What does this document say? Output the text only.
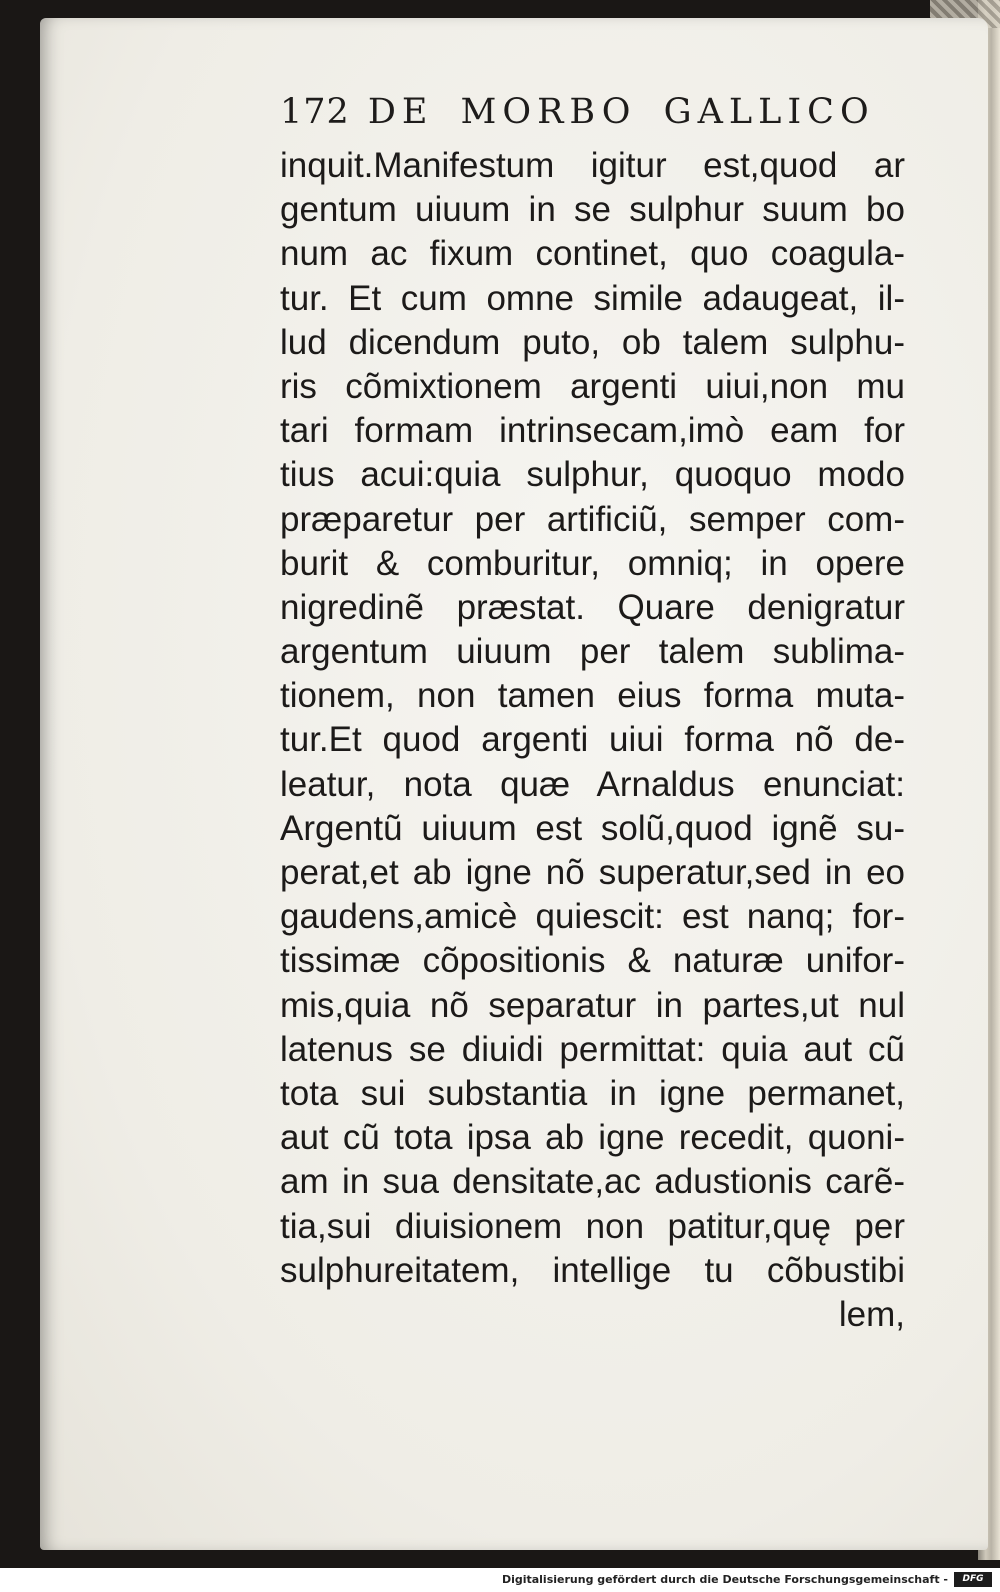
172 DE MORBO GALLICO
inquit.Manifestum igitur est,quod ar
gentum uiuum in se sulphur suum bo
num ac fixum continet, quo coagula-
tur. Et cum omne simile adaugeat, il-
lud dicendum puto, ob talem sulphu-
ris cõmixtionem argenti uiui,non mu
tari formam intrinsecam,imò eam for
tius acui:quia sulphur, quoquo modo
præparetur per artificiũ, semper com-
burit & comburitur, omniq; in opere
nigredinẽ præstat. Quare denigratur
argentum uiuum per talem sublima-
tionem, non tamen eius forma muta-
tur.Et quod argenti uiui forma nõ de-
leatur, nota quæ Arnaldus enunciat:
Argentũ uiuum est solũ,quod ignẽ su-
perat,et ab igne nõ superatur,sed in eo
gaudens,amicè quiescit: est nanq; for-
tissimæ cõpositionis & naturæ unifor-
mis,quia nõ separatur in partes,ut nul
latenus se diuidi permittat: quia aut cũ
tota sui substantia in igne permanet,
aut cũ tota ipsa ab igne recedit, quoni-
am in sua densitate,ac adustionis carẽ-
tia,sui diuisionem non patitur,quę per
sulphureitatem, intellige tu cõbustibi
lem,
Digitalisierung gefördert durch die Deutsche Forschungsgemeinschaft -	DFG
